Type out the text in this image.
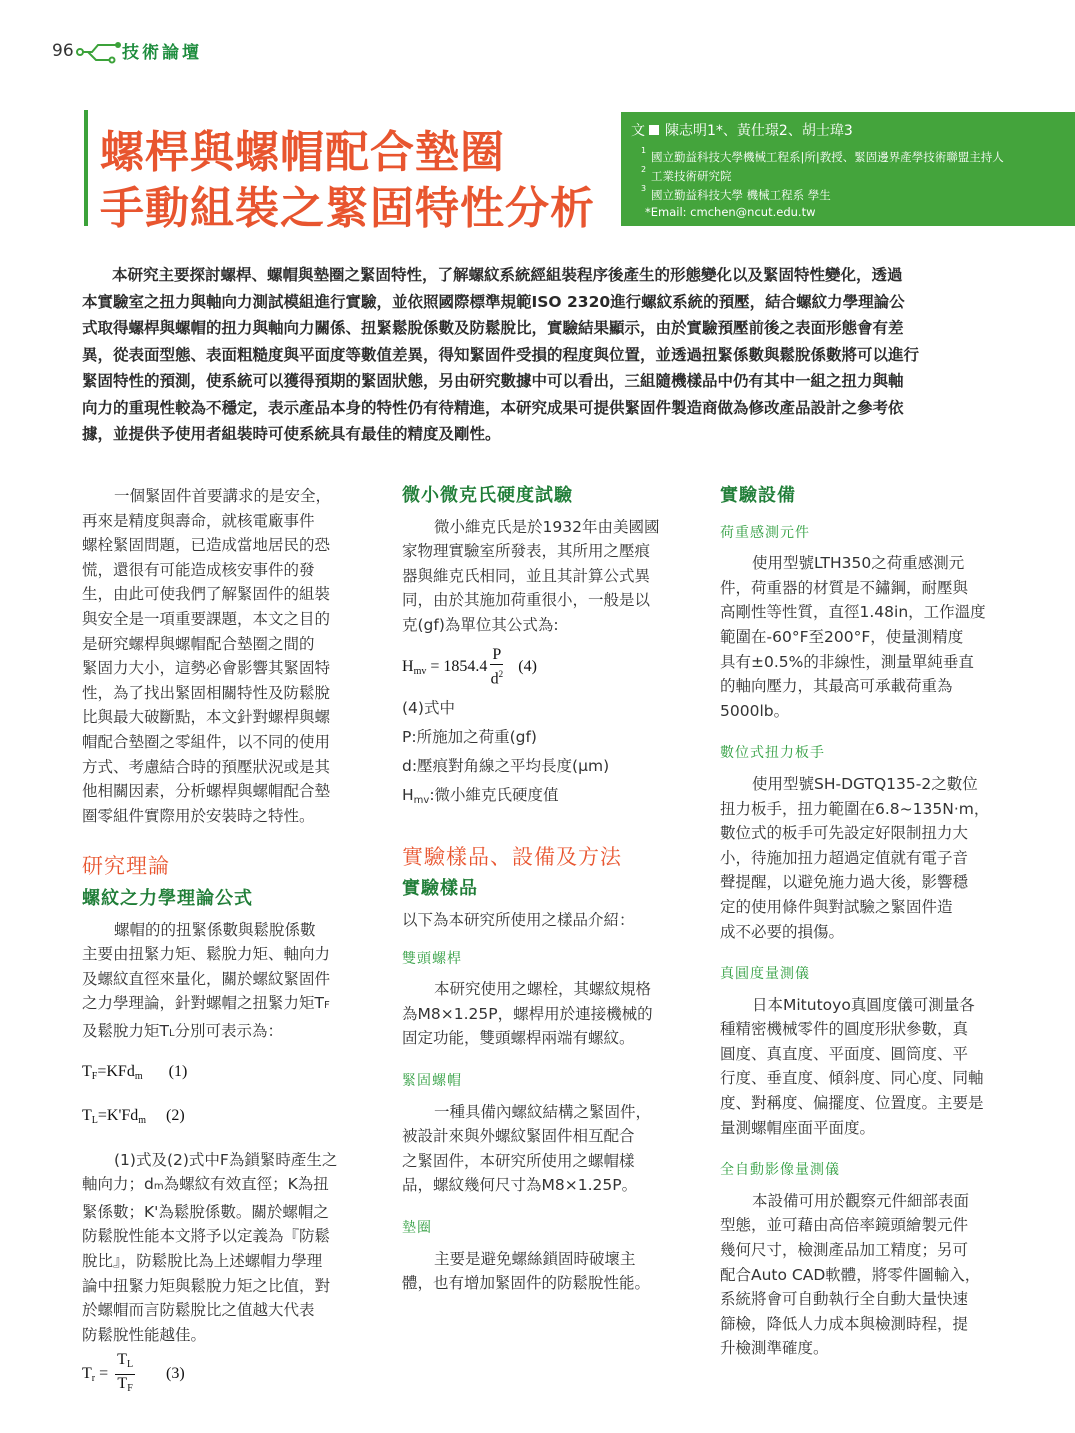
96	技術論壇
螺桿與螺帽配合墊圈
手動組裝之緊固特性分析
文 陳志明1*、黃仕璟2、胡士瑋3
1 國立勤益科技大學機械工程系|所|教授、緊固邊界產學技術聯盟主持人
2 工業技術研究院
3 國立勤益科技大學 機械工程系 學生
*Email: cmchen@ncut.edu.tw
本研究主要探討螺桿、螺帽與墊圈之緊固特性，了解螺紋系統經組裝程序後產生的形態變化以及緊固特性變化，透過
本實驗室之扭力與軸向力測試模組進行實驗，並依照國際標準規範ISO 2320進行螺紋系統的預壓，結合螺紋力學理論公
式取得螺桿與螺帽的扭力與軸向力關係、扭緊鬆脫係數及防鬆脫比，實驗結果顯示，由於實驗預壓前後之表面形態會有差
異，從表面型態、表面粗糙度與平面度等數值差異，得知緊固件受損的程度與位置，並透過扭緊係數與鬆脫係數將可以進行
緊固特性的預測，使系統可以獲得預期的緊固狀態，另由研究數據中可以看出，三組隨機樣品中仍有其中一組之扭力與軸
向力的重現性較為不穩定，表示產品本身的特性仍有待精進，本研究成果可提供緊固件製造商做為修改產品設計之參考依
據，並提供予使用者組裝時可使系統具有最佳的精度及剛性。
一個緊固件首要講求的是安全，
再來是精度與壽命，就核電廠事件
螺栓緊固問題，已造成當地居民的恐
慌，還很有可能造成核安事件的發
生，由此可使我們了解緊固件的組裝
與安全是一項重要課題，本文之目的
是研究螺桿與螺帽配合墊圈之間的
緊固力大小，這勢必會影響其緊固特
性，為了找出緊固相關特性及防鬆脫
比與最大破斷點，本文針對螺桿與螺
帽配合墊圈之零組件，以不同的使用
方式、考慮結合時的預壓狀況或是其
他相關因素，分析螺桿與螺帽配合墊
圈零組件實際用於安裝時之特性。
研究理論
螺紋之力學理論公式
螺帽的的扭緊係數與鬆脫係數
主要由扭緊力矩、鬆脫力矩、軸向力
及螺紋直徑來量化，關於螺紋緊固件
之力學理論，針對螺帽之扭緊力矩TF
及鬆脫力矩TL分別可表示為：
$T_F=KFd_m$ (1)
$T_L=K'Fd_m$ (2)
(1)式及(2)式中F為鎖緊時產生之
軸向力；dm為螺紋有效直徑；K為扭
緊係數；K'為鬆脫係數。關於螺帽之
防鬆脫性能本文將予以定義為『防鬆
脫比』，防鬆脫比為上述螺帽力學理
論中扭緊力矩與鬆脫力矩之比值，對
於螺帽而言防鬆脫比之值越大代表
防鬆脫性能越佳。
$T_r = \frac{T_L}{T_F} (3)$
微小微克氏硬度試驗
微小維克氏是於1932年由美國國
家物理實驗室所發表，其所用之壓痕
器與維克氏相同，並且其計算公式異
同，由於其施加荷重很小，一般是以
克(gf)為單位其公式為:
$H_{mv} = 1854.4 \frac{P}{d^2} (4)$
(4)式中
P:所施加之荷重(gf)
d:壓痕對角線之平均長度(μm)
Hmv:微小維克氏硬度值
實驗樣品、設備及方法
實驗樣品
以下為本研究所使用之樣品介紹：
雙頭螺桿
本研究使用之螺栓，其螺紋規格
為M8×1.25P，螺桿用於連接機械的
固定功能，雙頭螺桿兩端有螺紋。
緊固螺帽
一種具備內螺紋結構之緊固件，
被設計來與外螺紋緊固件相互配合
之緊固件，本研究所使用之螺帽樣
品，螺紋幾何尺寸為M8×1.25P。
墊圈
主要是避免螺絲鎖固時破壞主
體，也有增加緊固件的防鬆脫性能。
實驗設備
荷重感測元件
使用型號LTH350之荷重感測元
件，荷重器的材質是不鏽鋼，耐壓與
高剛性等性質，直徑1.48in，工作溫度
範圍在-60°F至200°F，使量測精度
具有±0.5%的非線性，測量單純垂直
的軸向壓力，其最高可承載荷重為
5000lb。
數位式扭力板手
使用型號SH-DGTQ135-2之數位
扭力板手，扭力範圍在6.8~135N·m，
數位式的板手可先設定好限制扭力大
小，待施加扭力超過定值就有電子音
聲提醒，以避免施力過大後，影響穩
定的使用條件與對試驗之緊固件造
成不必要的損傷。
真圓度量測儀
日本Mitutoyo真圓度儀可測量各
種精密機械零件的圓度形狀參數，真
圓度、真直度、平面度、圓筒度、平
行度、垂直度、傾斜度、同心度、同軸
度、對稱度、偏擺度、位置度。主要是
量測螺帽座面平面度。
全自動影像量測儀
本設備可用於觀察元件細部表面
型態，並可藉由高倍率鏡頭繪製元件
幾何尺寸，檢測產品加工精度；另可
配合Auto CAD軟體，將零件圖輸入，
系統將會可自動執行全自動大量快速
篩檢，降低人力成本與檢測時程，提
升檢測準確度。
